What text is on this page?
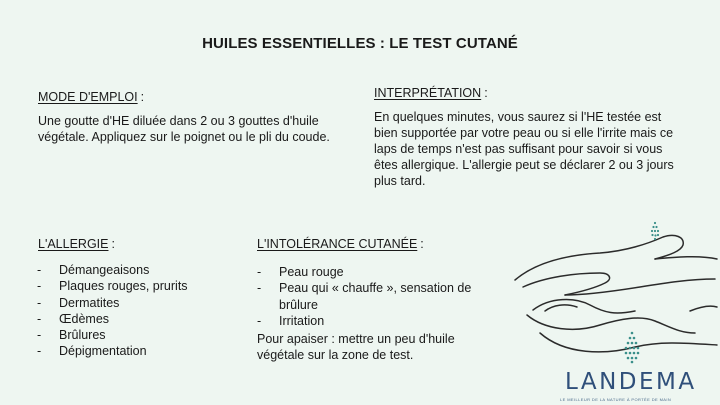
HUILES ESSENTIELLES : LE TEST CUTANÉ
MODE D'EMPLOI :
Une goutte d'HE diluée dans 2 ou 3 gouttes d'huile
végétale. Appliquez sur le poignet ou le pli du coude.
INTERPRÉTATION :
En quelques minutes, vous saurez si l'HE testée est
bien supportée par votre peau ou si elle l'irrite mais ce
laps de temps n'est pas suffisant pour savoir si vous
êtes allergique. L'allergie peut se déclarer 2 ou 3 jours
plus tard.
L'ALLERGIE :
- Démangeaisons
- Plaques rouges, prurits
- Dermatites
- Œdèmes
- Brûlures
- Dépigmentation
L'INTOLÉRANCE CUTANÉE :
- Peau rouge
- Peau qui « chauffe », sensation de
brûlure
- Irritation
Pour apaiser : mettre un peu d'huile
végétale sur la zone de test.
LANDEMA
LE MEILLEUR DE LA NATURE À PORTÉE DE MAIN
